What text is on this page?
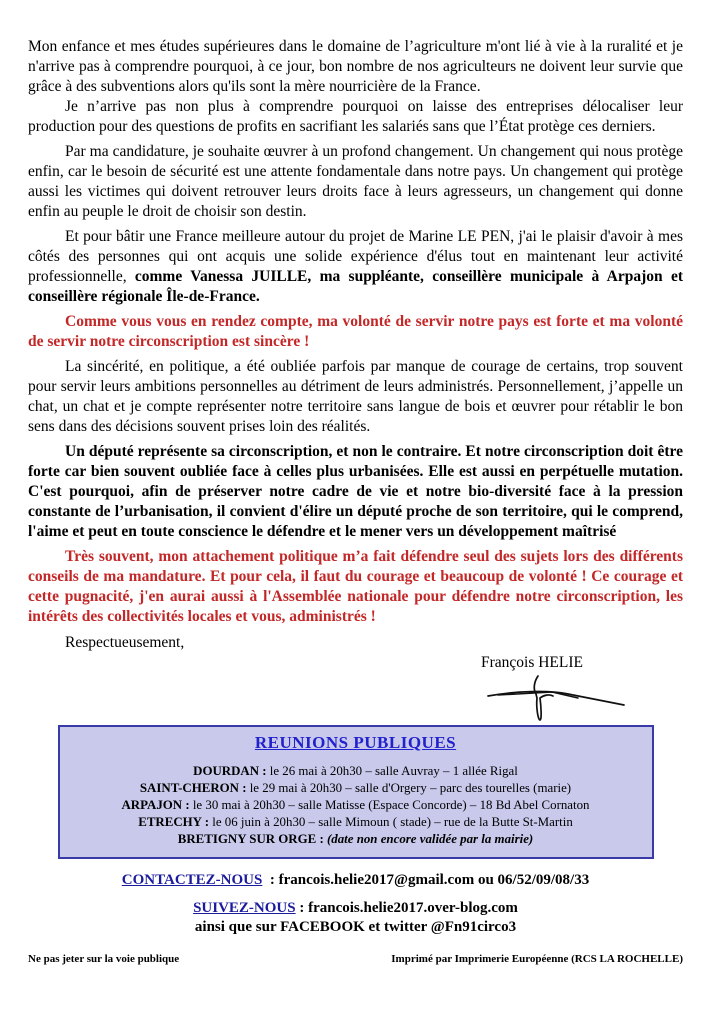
Mon enfance et mes études supérieures dans le domaine de l’agriculture m'ont lié à vie à la ruralité et je n'arrive pas à comprendre pourquoi, à ce jour, bon nombre de nos agriculteurs ne doivent leur survie que grâce à des subventions alors qu'ils sont la mère nourricière de la France.

Je n’arrive pas non plus à comprendre pourquoi on laisse des entreprises délocaliser leur production pour des questions de profits en sacrifiant les salariés sans que l’État protège ces derniers.

Par ma candidature, je souhaite œuvrer à un profond changement. Un changement qui nous protège enfin, car le besoin de sécurité est une attente fondamentale dans notre pays. Un changement qui protège aussi les victimes qui doivent retrouver leurs droits face à leurs agresseurs, un changement qui donne enfin au peuple le droit de choisir son destin.

Et pour bâtir une France meilleure autour du projet de Marine LE PEN, j'ai le plaisir d'avoir à mes côtés des personnes qui ont acquis une solide expérience d'élus tout en maintenant leur activité professionnelle, comme Vanessa JUILLE, ma suppléante, conseillère municipale à Arpajon et conseillère régionale Île-de-France.

Comme vous vous en rendez compte, ma volonté de servir notre pays est forte et ma volonté de servir notre circonscription est sincère !

La sincérité, en politique, a été oubliée parfois par manque de courage de certains, trop souvent pour servir leurs ambitions personnelles au détriment de leurs administrés. Personnellement, j’appelle un chat, un chat et je compte représenter notre territoire sans langue de bois et œuvrer pour rétablir le bon sens dans des décisions souvent prises loin des réalités.

Un député représente sa circonscription, et non le contraire. Et notre circonscription doit être forte car bien souvent oubliée face à celles plus urbanisées. Elle est aussi en perpétuelle mutation. C'est pourquoi, afin de préserver notre cadre de vie et notre bio-diversité face à la pression constante de l’urbanisation, il convient d'élire un député proche de son territoire, qui le comprend, l'aime et peut en toute conscience le défendre et le mener vers un développement maîtrisé

Très souvent, mon attachement politique m’a fait défendre seul des sujets lors des différents conseils de ma mandature. Et pour cela, il faut du courage et beaucoup de volonté ! Ce courage et cette pugnacité, j'en aurai aussi à l'Assemblée nationale pour défendre notre circonscription, les intérêts des collectivités locales et vous, administrés !

Respectueusement,

François HELIE
REUNIONS PUBLIQUES
DOURDAN : le 26 mai à 20h30 – salle Auvray – 1 allée Rigal
SAINT-CHERON : le 29 mai à 20h30 – salle d'Orgery – parc des tourelles (marie)
ARPAJON : le 30 mai à 20h30 – salle Matisse (Espace Concorde) – 18 Bd Abel Cornaton
ETRECHY : le 06 juin à 20h30 – salle Mimoun ( stade) – rue de la Butte St-Martin
BRETIGNY SUR ORGE : (date non encore validée par la mairie)
CONTACTEZ-NOUS  : francois.helie2017@gmail.com ou 06/52/09/08/33
SUIVEZ-NOUS : francois.helie2017.over-blog.com
ainsi que sur FACEBOOK et twitter @Fn91circo3
Ne pas jeter sur la voie publique	Imprimé par Imprimerie Européenne (RCS LA ROCHELLE)
